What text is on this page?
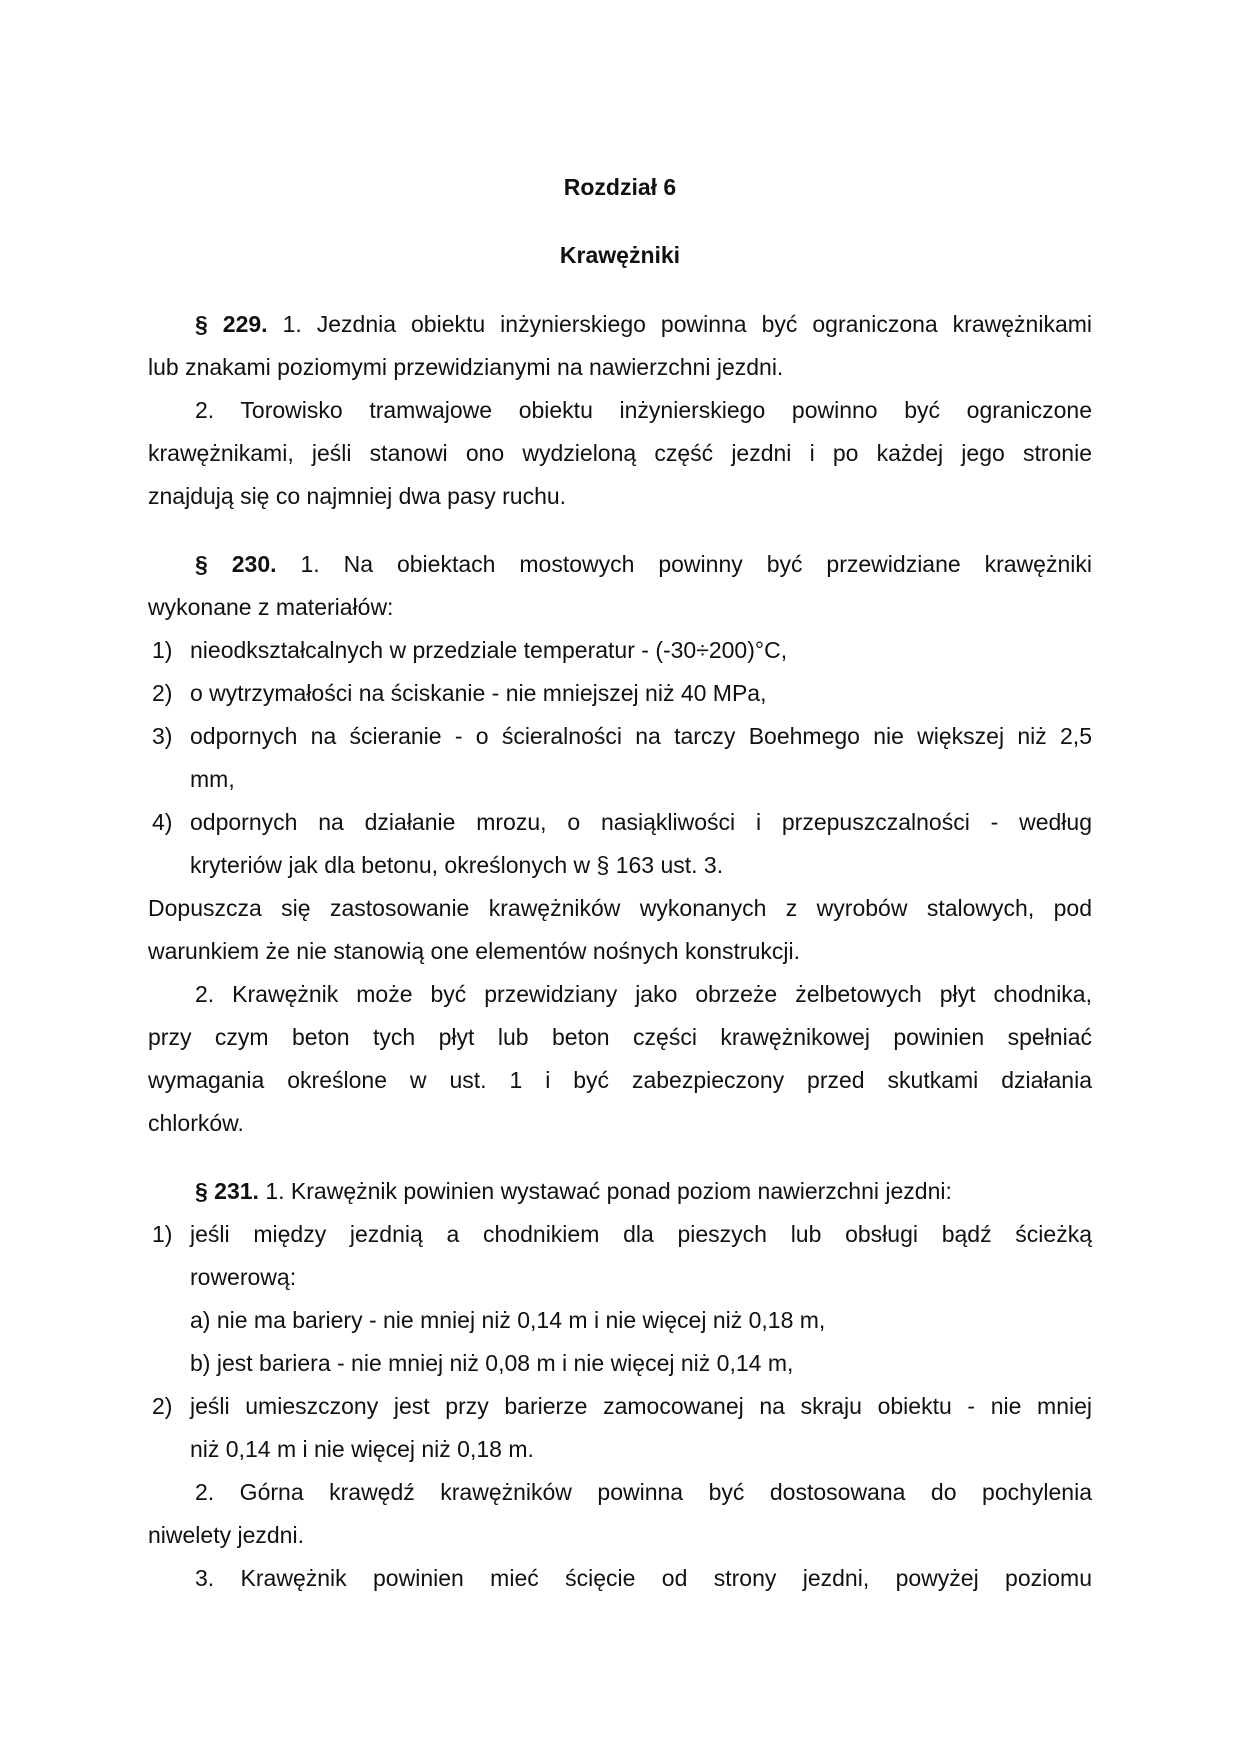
Rozdział 6
Krawężniki
§ 229. 1. Jezdnia obiektu inżynierskiego powinna być ograniczona krawężnikami
lub znakami poziomymi przewidzianymi na nawierzchni jezdni.
2. Torowisko tramwajowe obiektu inżynierskiego powinno być ograniczone
krawężnikami, jeśli stanowi ono wydzieloną część jezdni i po każdej jego stronie
znajdują się co najmniej dwa pasy ruchu.
§ 230. 1. Na obiektach mostowych powinny być przewidziane krawężniki
wykonane z materiałów:
1) nieodkształcalnych w przedziale temperatur - (-30÷200)°C,
2) o wytrzymałości na ściskanie - nie mniejszej niż 40 MPa,
3) odpornych na ścieranie - o ścieralności na tarczy Boehmego nie większej niż 2,5
mm,
4) odpornych na działanie mrozu, o nasiąkliwości i przepuszczalności - według
kryteriów jak dla betonu, określonych w § 163 ust. 3.
Dopuszcza się zastosowanie krawężników wykonanych z wyrobów stalowych, pod
warunkiem że nie stanowią one elementów nośnych konstrukcji.
2. Krawężnik może być przewidziany jako obrzeże żelbetowych płyt chodnika,
przy czym beton tych płyt lub beton części krawężnikowej powinien spełniać
wymagania określone w ust. 1 i być zabezpieczony przed skutkami działania
chlorków.
§ 231. 1. Krawężnik powinien wystawać ponad poziom nawierzchni jezdni:
1) jeśli między jezdnią a chodnikiem dla pieszych lub obsługi bądź ścieżką
rowerową:
a) nie ma bariery - nie mniej niż 0,14 m i nie więcej niż 0,18 m,
b) jest bariera - nie mniej niż 0,08 m i nie więcej niż 0,14 m,
2) jeśli umieszczony jest przy barierze zamocowanej na skraju obiektu - nie mniej
niż 0,14 m i nie więcej niż 0,18 m.
2. Górna krawędź krawężników powinna być dostosowana do pochylenia
niwelety jezdni.
3. Krawężnik powinien mieć ścięcie od strony jezdni, powyżej poziomu
